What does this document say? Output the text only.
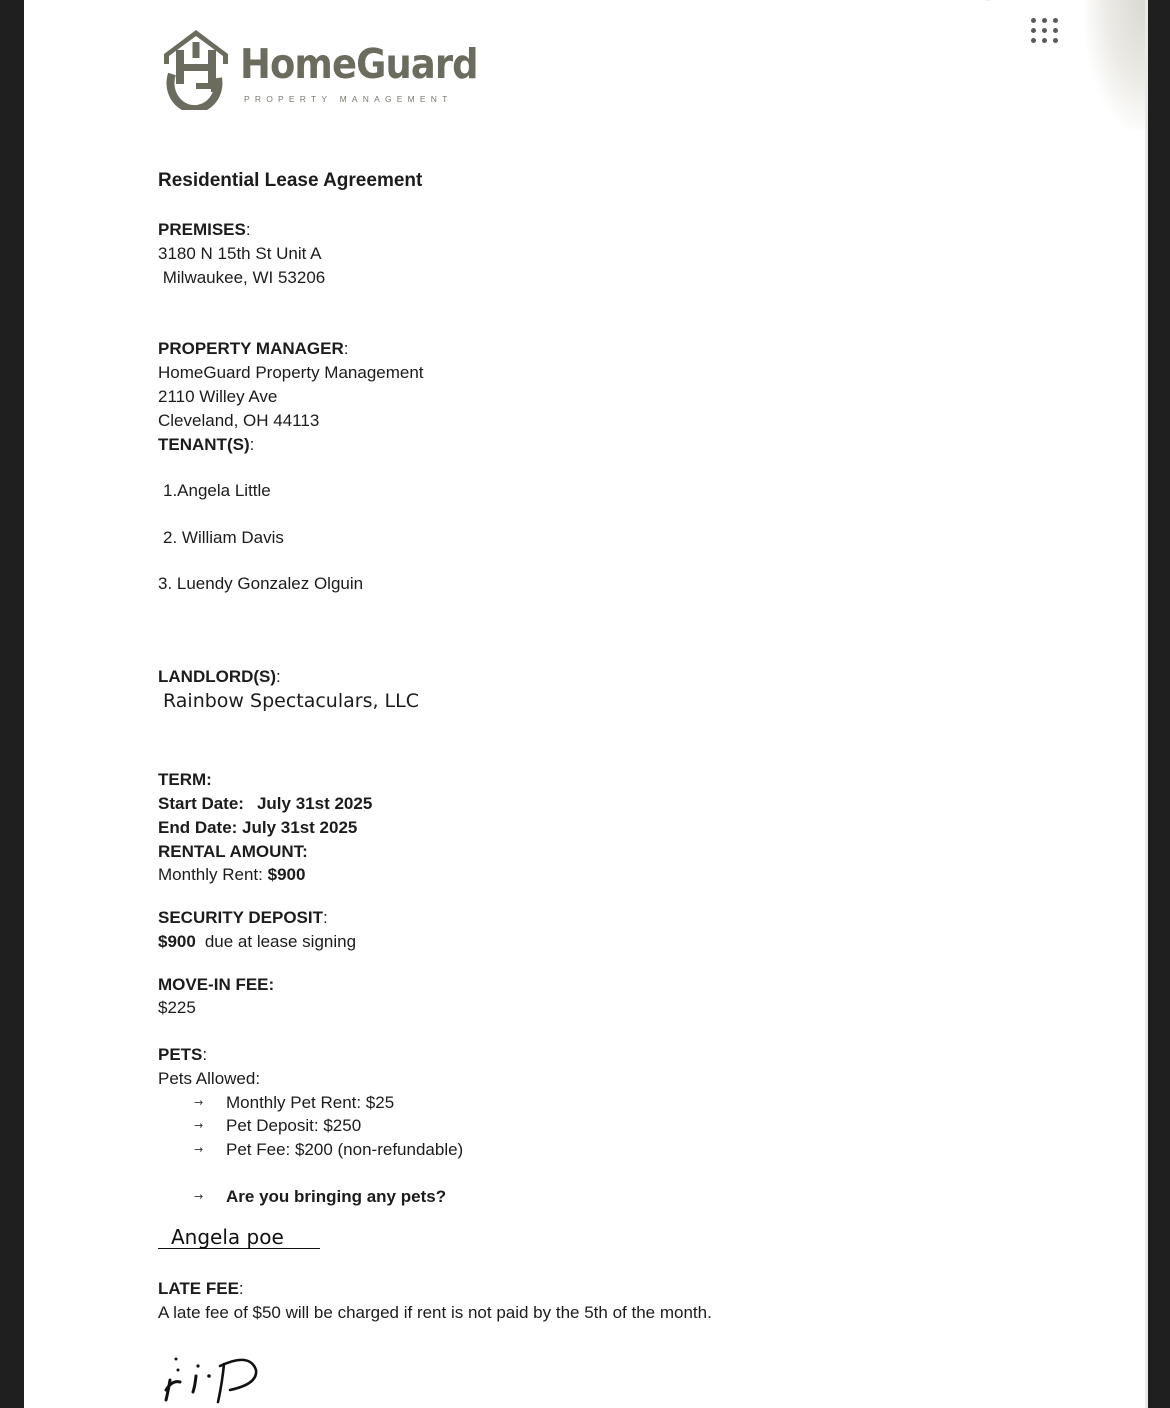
HomeGuard
PROPERTY MANAGEMENT
Residential Lease Agreement
PREMISES:
3180 N 15th St Unit A
Milwaukee, WI 53206
PROPERTY MANAGER:
HomeGuard Property Management
2110 Willey Ave
Cleveland, OH 44113
TENANT(S):
1.Angela Little
2. William Davis
3. Luendy Gonzalez Olguin
LANDLORD(S):
Rainbow Spectaculars, LLC
TERM:
Start Date: July 31st 2025
End Date: July 31st 2025
RENTAL AMOUNT:
Monthly Rent: $900
SECURITY DEPOSIT:
$900 due at lease signing
MOVE-IN FEE:
$225
PETS:
Pets Allowed:
→ Monthly Pet Rent: $25
→ Pet Deposit: $250
→ Pet Fee: $200 (non-refundable)
→ Are you bringing any pets?
Angela poe
LATE FEE:
A late fee of $50 will be charged if rent is not paid by the 5th of the month.
